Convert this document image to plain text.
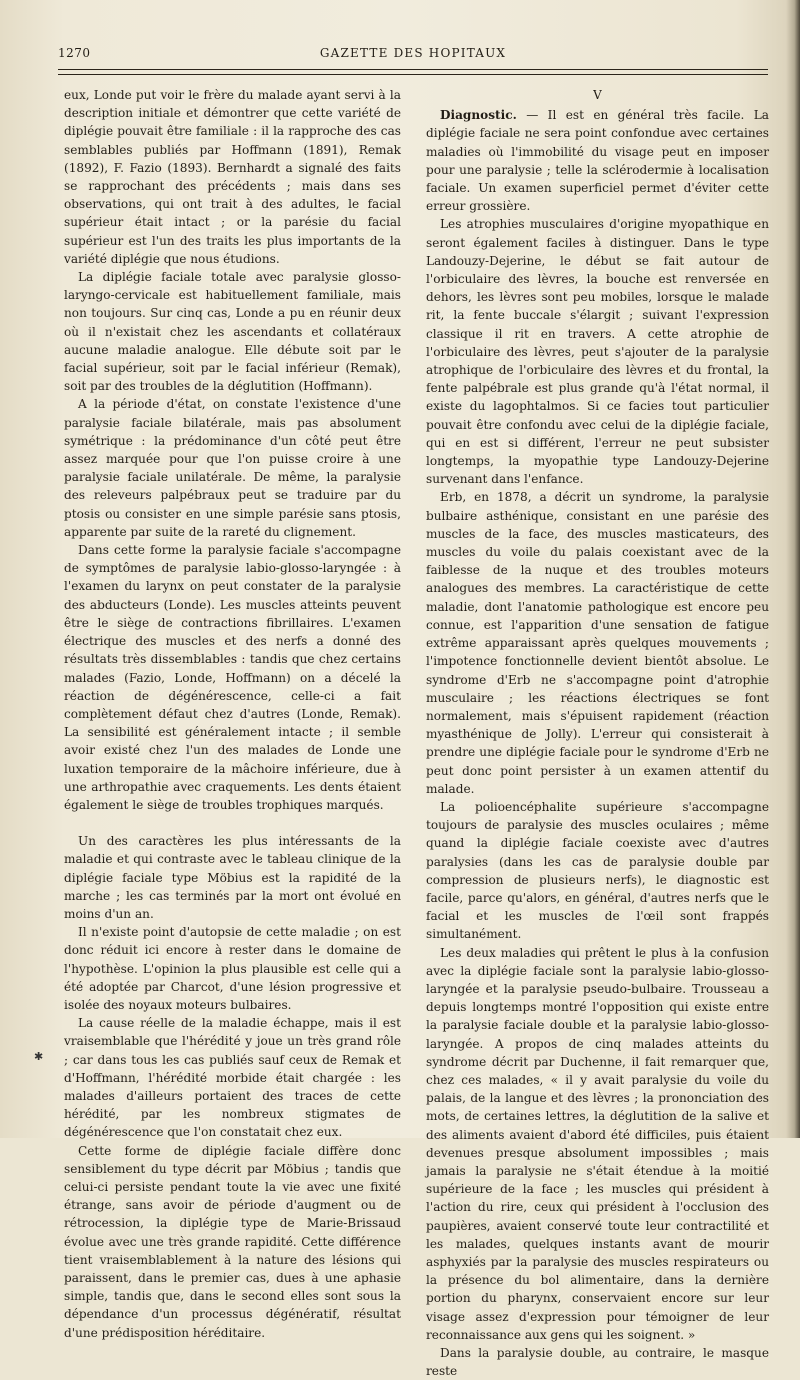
1270	GAZETTE DES HOPITAUX

eux, Londe put voir le frère du malade ayant servi à la description initiale et démontrer que cette variété de diplégie pouvait être familiale : il la rapproche des cas semblables publiés par Hoffmann (1891), Remak (1892), F. Fazio (1893). Bernhardt a signalé des faits se rapprochant des précédents ; mais dans ses observations, qui ont trait à des adultes, le facial supérieur était intact ; or la parésie du facial supérieur est l'un des traits les plus importants de la variété diplégie que nous étudions.

La diplégie faciale totale avec paralysie glosso-laryngo-cervicale est habituellement familiale, mais non toujours. Sur cinq cas, Londe a pu en réunir deux où il n'existait chez les ascendants et collatéraux aucune maladie analogue. Elle débute soit par le facial supérieur, soit par le facial inférieur (Remak), soit par des troubles de la déglutition (Hoffmann).

A la période d'état, on constate l'existence d'une paralysie faciale bilatérale, mais pas absolument symétrique : la prédominance d'un côté peut être assez marquée pour que l'on puisse croire à une paralysie faciale unilatérale. De même, la paralysie des releveurs palpébraux peut se traduire par du ptosis ou consister en une simple parésie sans ptosis, apparente par suite de la rareté du clignement.

Dans cette forme la paralysie faciale s'accompagne de symptômes de paralysie labio-glosso-laryngée : à l'examen du larynx on peut constater de la paralysie des abducteurs (Londe). Les muscles atteints peuvent être le siège de contractions fibrillaires. L'examen électrique des muscles et des nerfs a donné des résultats très dissemblables : tandis que chez certains malades (Fazio, Londe, Hoffmann) on a décelé la réaction de dégénérescence, celle-ci a fait complètement défaut chez d'autres (Londe, Remak). La sensibilité est généralement intacte ; il semble avoir existé chez l'un des malades de Londe une luxation temporaire de la mâchoire inférieure, due à une arthropathie avec craquements. Les dents étaient également le siège de troubles trophiques marqués.

Un des caractères les plus intéressants de la maladie et qui contraste avec le tableau clinique de la diplégie faciale type Möbius est la rapidité de la marche ; les cas terminés par la mort ont évolué en moins d'un an.

Il n'existe point d'autopsie de cette maladie ; on est donc réduit ici encore à rester dans le domaine de l'hypothèse. L'opinion la plus plausible est celle qui a été adoptée par Charcot, d'une lésion progressive et isolée des noyaux moteurs bulbaires.

La cause réelle de la maladie échappe, mais il est vraisemblable que l'hérédité y joue un très grand rôle ; car dans tous les cas publiés sauf ceux de Remak et d'Hoffmann, l'hérédité morbide était chargée : les malades d'ailleurs portaient des traces de cette hérédité, par les nombreux stigmates de dégénérescence que l'on constatait chez eux.

Cette forme de diplégie faciale diffère donc sensiblement du type décrit par Möbius ; tandis que celui-ci persiste pendant toute la vie avec une fixité étrange, sans avoir de période d'augment ou de rétrocession, la diplégie type de Marie-Brissaud évolue avec une très grande rapidité. Cette différence tient vraisemblablement à la nature des lésions qui paraissent, dans le premier cas, dues à une aphasie simple, tandis que, dans le second elles sont sous la dépendance d'un processus dégénératif, résultat d'une prédisposition héréditaire.

V

Diagnostic. — Il est en général très facile. La diplégie faciale ne sera point confondue avec certaines maladies où l'immobilité du visage peut en imposer pour une paralysie ; telle la sclérodermie à localisation faciale. Un examen superficiel permet d'éviter cette erreur grossière.

Les atrophies musculaires d'origine myopathique en seront également faciles à distinguer. Dans le type Landouzy-Dejerine, le début se fait autour de l'orbiculaire des lèvres, la bouche est renversée en dehors, les lèvres sont peu mobiles, lorsque le malade rit, la fente buccale s'élargit ; suivant l'expression classique il rit en travers. A cette atrophie de l'orbiculaire des lèvres, peut s'ajouter de la paralysie atrophique de l'orbiculaire des lèvres et du frontal, la fente palpébrale est plus grande qu'à l'état normal, il existe du lagophtalmos. Si ce facies tout particulier pouvait être confondu avec celui de la diplégie faciale, qui en est si différent, l'erreur ne peut subsister longtemps, la myopathie type Landouzy-Dejerine survenant dans l'enfance.

Erb, en 1878, a décrit un syndrome, la paralysie bulbaire asthénique, consistant en une parésie des muscles de la face, des muscles masticateurs, des muscles du voile du palais coexistant avec de la faiblesse de la nuque et des troubles moteurs analogues des membres. La caractéristique de cette maladie, dont l'anatomie pathologique est encore peu connue, est l'apparition d'une sensation de fatigue extrême apparaissant après quelques mouvements ; l'impotence fonctionnelle devient bientôt absolue. Le syndrome d'Erb ne s'accompagne point d'atrophie musculaire ; les réactions électriques se font normalement, mais s'épuisent rapidement (réaction myasthénique de Jolly). L'erreur qui consisterait à prendre une diplégie faciale pour le syndrome d'Erb ne peut donc point persister à un examen attentif du malade.

La polioencéphalite supérieure s'accompagne toujours de paralysie des muscles oculaires ; même quand la diplégie faciale coexiste avec d'autres paralysies (dans les cas de paralysie double par compression de plusieurs nerfs), le diagnostic est facile, parce qu'alors, en général, d'autres nerfs que le facial et les muscles de l'œil sont frappés simultanément.

Les deux maladies qui prêtent le plus à la confusion avec la diplégie faciale sont la paralysie labio-glosso-laryngée et la paralysie pseudo-bulbaire. Trousseau a depuis longtemps montré l'opposition qui existe entre la paralysie faciale double et la paralysie labio-glosso-laryngée. A propos de cinq malades atteints du syndrome décrit par Duchenne, il fait remarquer que, chez ces malades, « il y avait paralysie du voile du palais, de la langue et des lèvres ; la prononciation des mots, de certaines lettres, la déglutition de la salive et des aliments avaient d'abord été difficiles, puis étaient devenues presque absolument impossibles ; mais jamais la paralysie ne s'était étendue à la moitié supérieure de la face ; les muscles qui président à l'action du rire, ceux qui président à l'occlusion des paupières, avaient conservé toute leur contractilité et les malades, quelques instants avant de mourir asphyxiés par la paralysie des muscles respirateurs ou la présence du bol alimentaire, dans la dernière portion du pharynx, conservaient encore sur leur visage assez d'expression pour témoigner de leur reconnaissance aux gens qui les soignent. »

Dans la paralysie double, au contraire, le masque reste

✱
